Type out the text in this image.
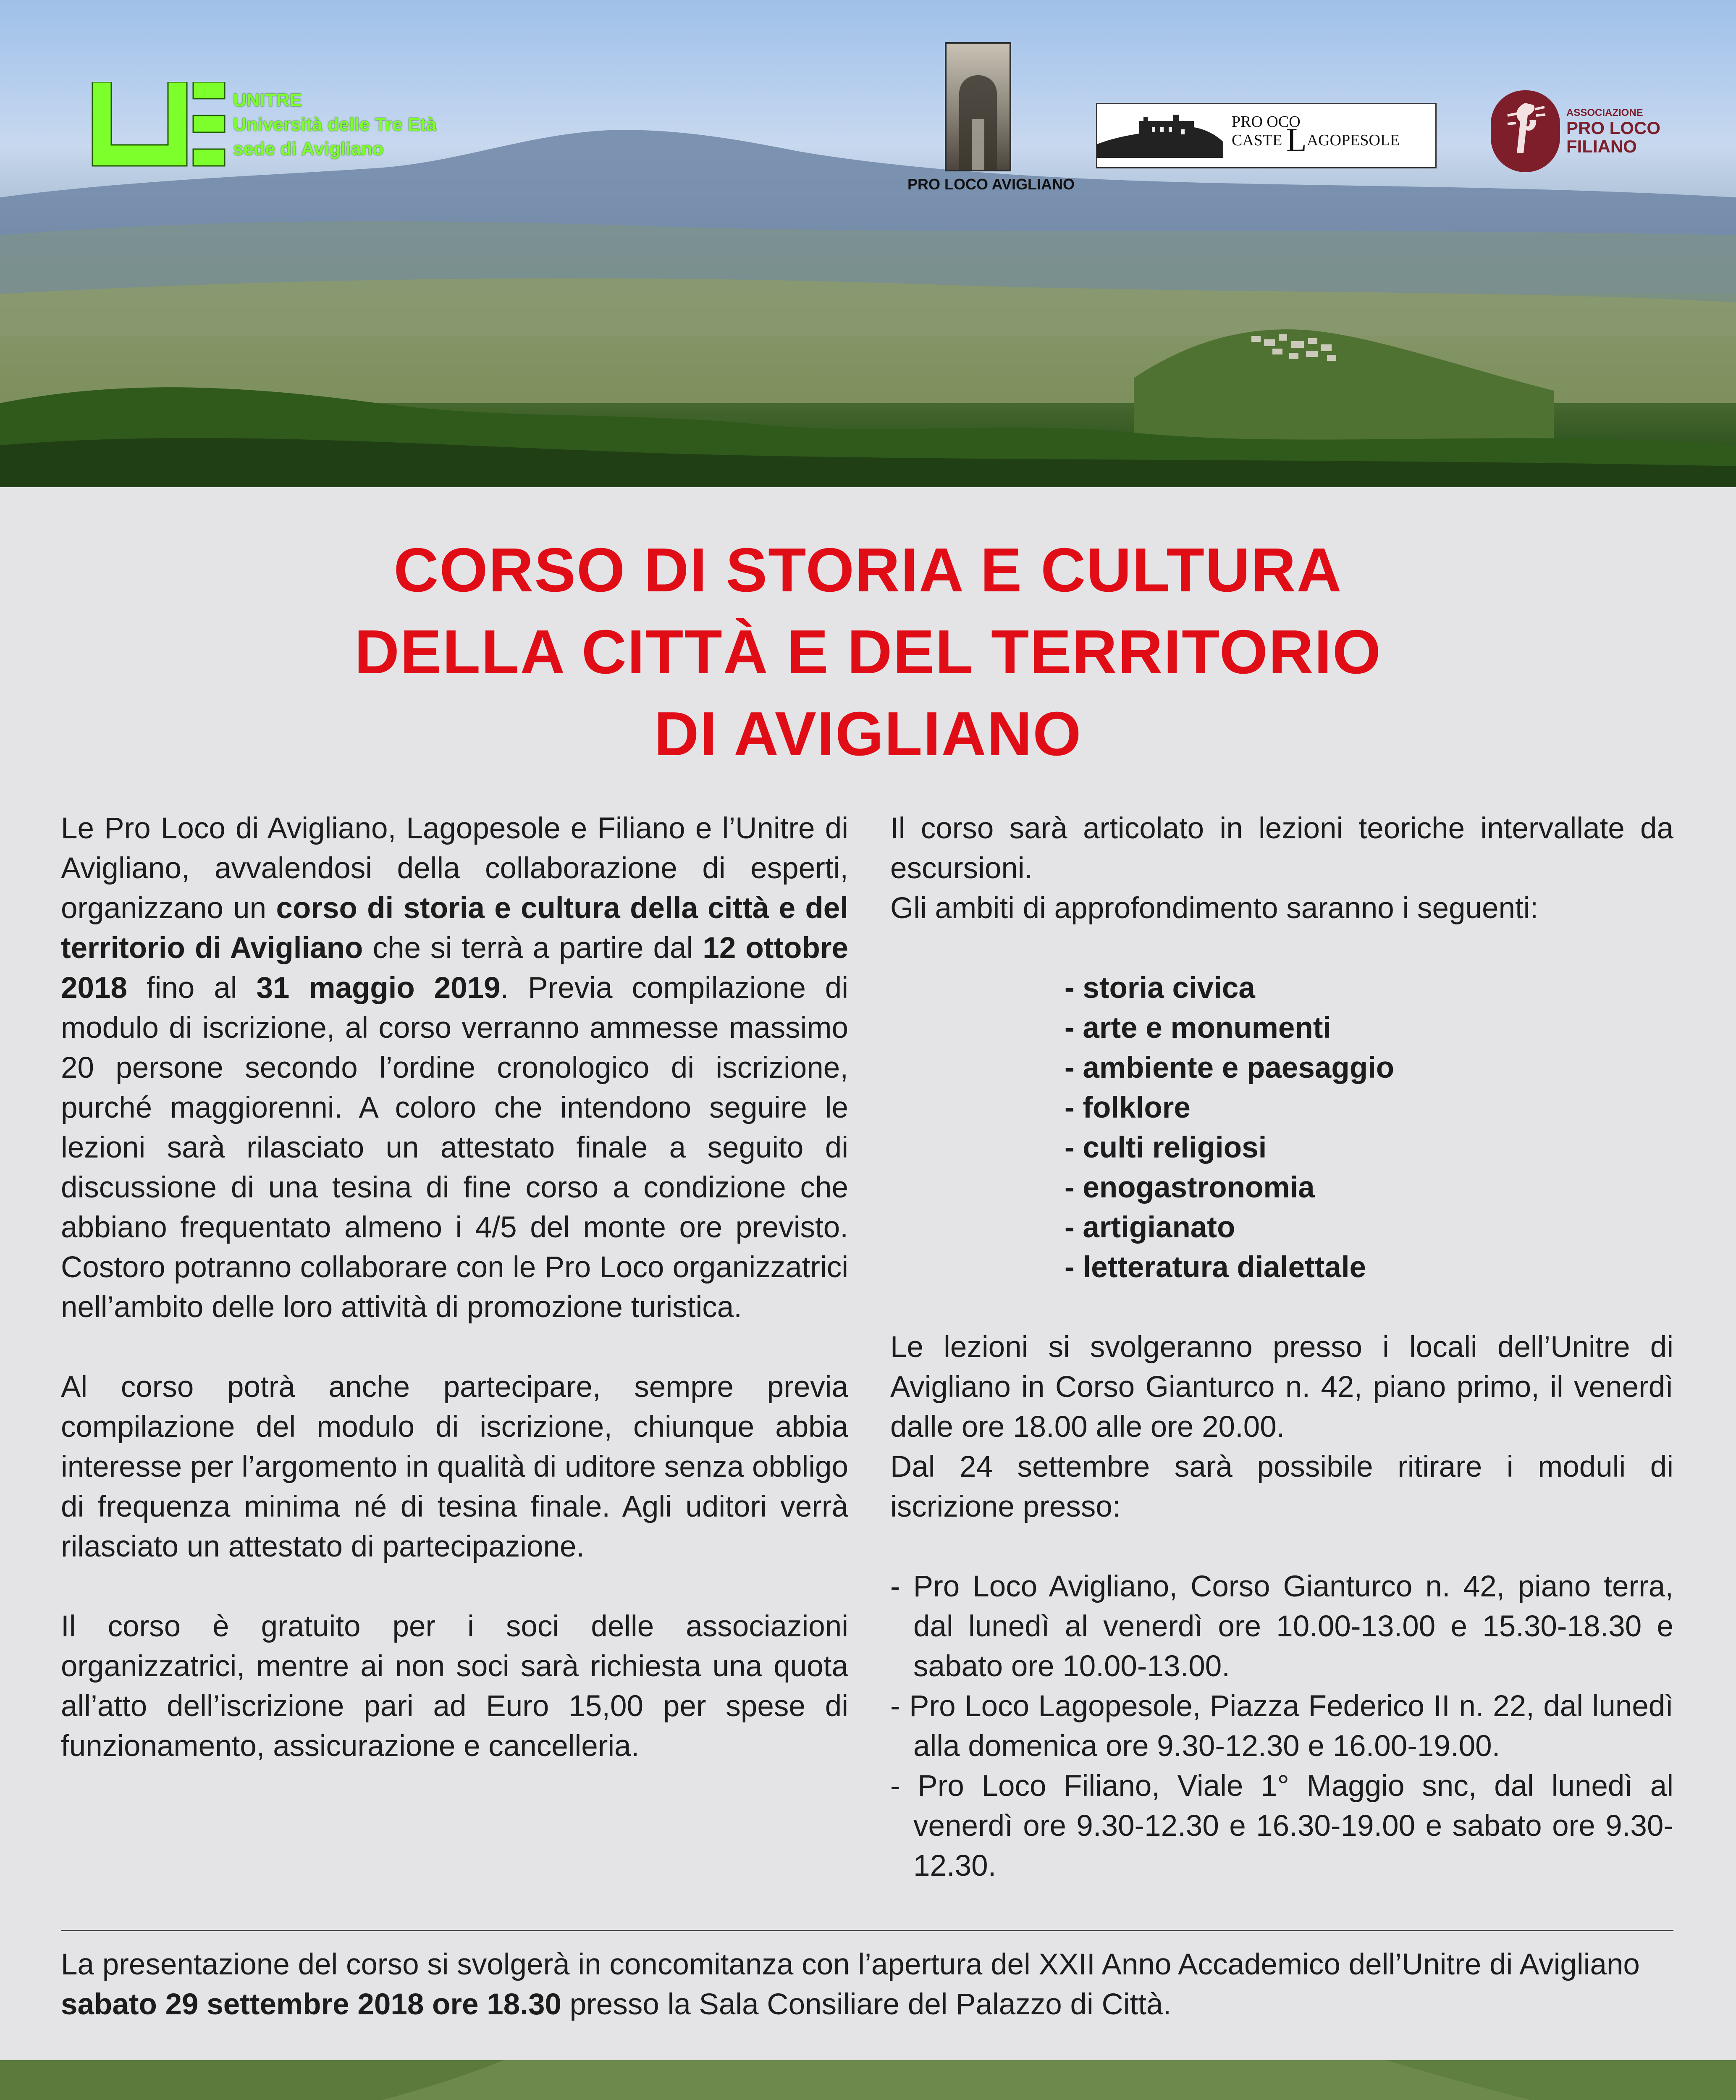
UNITRE
Università delle Tre Età
sede di Avigliano
PRO LOCO AVIGLIANO
PRO OCO
CASTE LAGOPESOLE
ASSOCIAZIONE
PRO LOCO
FILIANO
CORSO DI STORIA E CULTURA
DELLA CITTÀ E DEL TERRITORIO
DI AVIGLIANO

Le Pro Loco di Avigliano, Lagopesole e Filiano e l’Unitre di Avigliano, avvalendosi della collaborazione di esperti, organizzano un corso di storia e cultura della città e del territorio di Avigliano che si terrà a partire dal 12 ottobre 2018 fino al 31 maggio 2019. Previa compilazione di modulo di iscrizione, al corso verranno ammesse massimo 20 persone secondo l’ordine cronologico di iscrizione, purché maggiorenni. A coloro che intendono seguire le lezioni sarà rilasciato un attestato finale a seguito di discussione di una tesina di fine corso a condizione che abbiano frequentato almeno i 4/5 del monte ore previsto. Costoro potranno collaborare con le Pro Loco organizzatrici nell’ambito delle loro attività di promozione turistica.

Al corso potrà anche partecipare, sempre previa compilazione del modulo di iscrizione, chiunque abbia interesse per l’argomento in qualità di uditore senza obbligo di frequenza minima né di tesina finale. Agli uditori verrà rilasciato un attestato di partecipazione.

Il corso è gratuito per i soci delle associazioni organizzatrici, mentre ai non soci sarà richiesta una quota all’atto dell’iscrizione pari ad Euro 15,00 per spese di funzionamento, assicurazione e cancelleria.

Il corso sarà articolato in lezioni teoriche intervallate da escursioni.

Gli ambiti di approfondimento saranno i seguenti:

- storia civica
- arte e monumenti
- ambiente e paesaggio
- folklore
- culti religiosi
- enogastronomia
- artigianato
- letteratura dialettale

Le lezioni si svolgeranno presso i locali dell’Unitre di Avigliano in Corso Gianturco n. 42, piano primo, il venerdì dalle ore 18.00 alle ore 20.00.

Dal 24 settembre sarà possibile ritirare i moduli di iscrizione presso:

- Pro Loco Avigliano, Corso Gianturco n. 42, piano terra, dal lunedì al venerdì ore 10.00-13.00 e 15.30-18.30 e sabato ore 10.00-13.00.

- Pro Loco Lagopesole, Piazza Federico II n. 22, dal lunedì alla domenica ore 9.30-12.30 e 16.00-19.00.

- Pro Loco Filiano, Viale 1° Maggio snc, dal lunedì al venerdì ore 9.30-12.30 e 16.30-19.00 e sabato ore 9.30-12.30.

La presentazione del corso si svolgerà in concomitanza con l’apertura del XXII Anno Accademico dell’Unitre di Avigliano sabato 29 settembre 2018 ore 18.30 presso la Sala Consiliare del Palazzo di Città.
